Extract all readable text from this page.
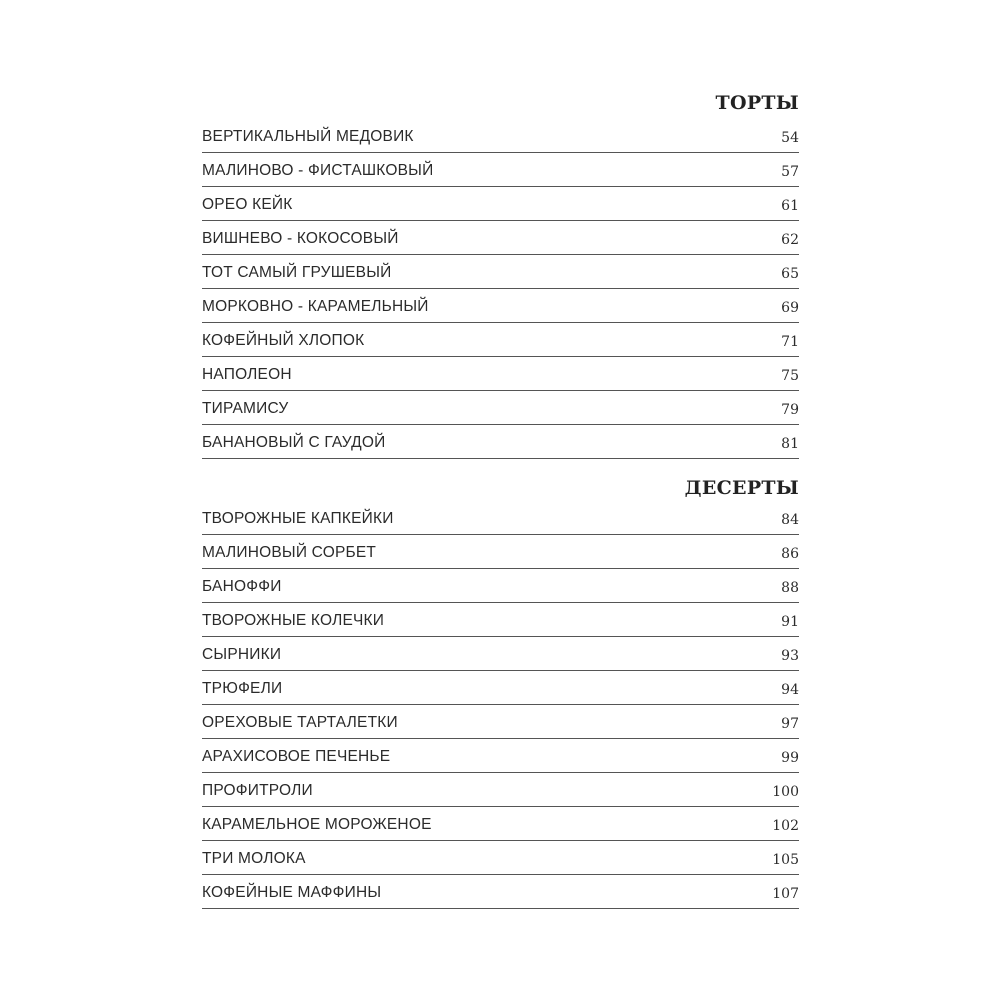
ТОРТЫ
ВЕРТИКАЛЬНЫЙ МЕДОВИК	54
МАЛИНОВО - ФИСТАШКОВЫЙ	57
ОРЕО КЕЙК	61
ВИШНЕВО - КОКОСОВЫЙ	62
ТОТ САМЫЙ ГРУШЕВЫЙ	65
МОРКОВНО - КАРАМЕЛЬНЫЙ	69
КОФЕЙНЫЙ ХЛОПОК	71
НАПОЛЕОН	75
ТИРАМИСУ	79
БАНАНОВЫЙ С ГАУДОЙ	81
ДЕСЕРТЫ
ТВОРОЖНЫЕ КАПКЕЙКИ	84
МАЛИНОВЫЙ СОРБЕТ	86
БАНОФФИ	88
ТВОРОЖНЫЕ КОЛЕЧКИ	91
СЫРНИКИ	93
ТРЮФЕЛИ	94
ОРЕХОВЫЕ ТАРТАЛЕТКИ	97
АРАХИСОВОЕ ПЕЧЕНЬЕ	99
ПРОФИТРОЛИ	100
КАРАМЕЛЬНОЕ МОРОЖЕНОЕ	102
ТРИ МОЛОКА	105
КОФЕЙНЫЕ МАФФИНЫ	107
